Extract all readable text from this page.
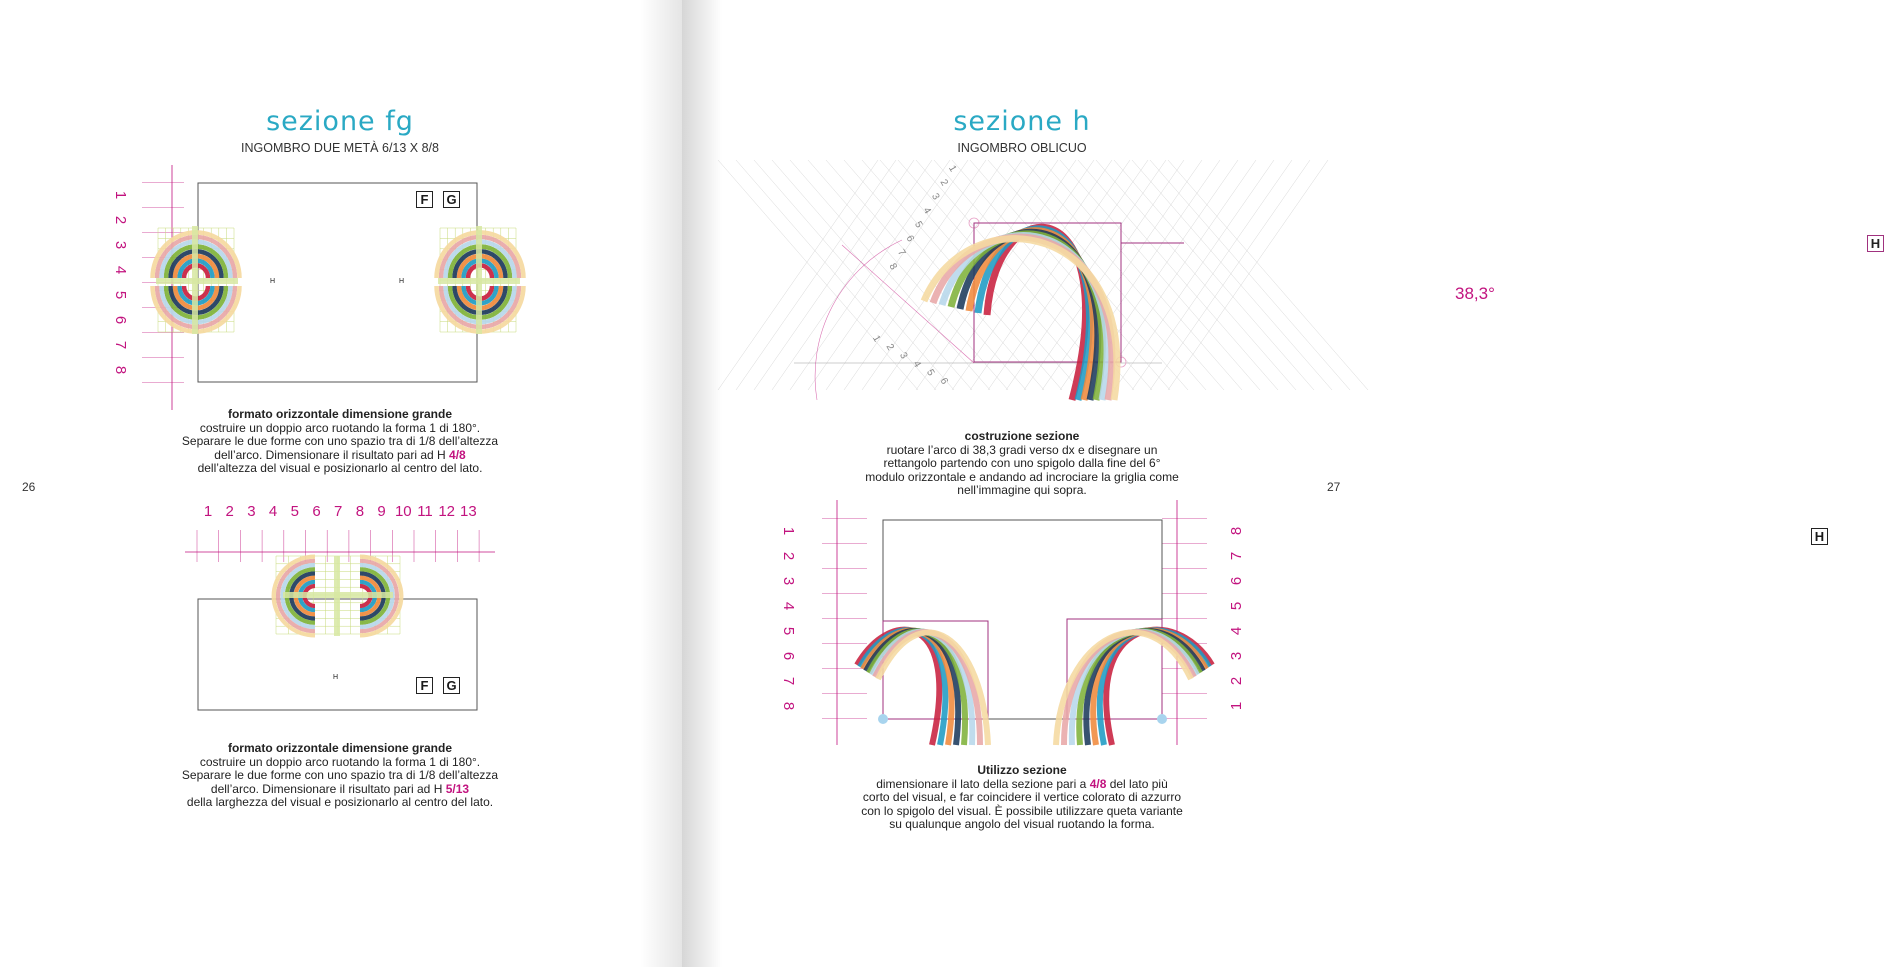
sezione fg
INGOMBRO DUE METÀ 6/13 X 8/8
1
2
3
4
5
6
7
8
F	G
H	H
formato orizzontale dimensione grande
costruire un doppio arco ruotando la forma 1 di 180°.
Separare le due forme con uno spazio tra di 1/8 dell’altezza
dell’arco. Dimensionare il risultato pari ad H 4/8
dell’altezza del visual e posizionarlo al centro del lato.
26
1 2 3 4 5 6 7 8 9 10 11 12 13
F	G
H
formato orizzontale dimensione grande
costruire un doppio arco ruotando la forma 1 di 180°.
Separare le due forme con uno spazio tra di 1/8 dell’altezza
dell’arco. Dimensionare il risultato pari ad H 5/13
della larghezza del visual e posizionarlo al centro del lato.
sezione h
INGOMBRO OBLICUO
1
2
3
4
5
6
7
8
1
2
3
4
5
6
H
38,3°
costruzione sezione
ruotare l’arco di 38,3 gradi verso dx e disegnare un
rettangolo partendo con uno spigolo dalla fine del 6°
modulo orizzontale e andando ad incrociare la griglia come
nell’immagine qui sopra.	27
1
2
3
4
5
6
7
8
8
7
6
5
4
3
2
1
H
Utilizzo sezione
dimensionare il lato della sezione pari a 4/8 del lato più
corto del visual, e far coincidere il vertice colorato di azzurro
con lo spigolo del visual. È possibile utilizzare queta variante
su qualunque angolo del visual ruotando la forma.
